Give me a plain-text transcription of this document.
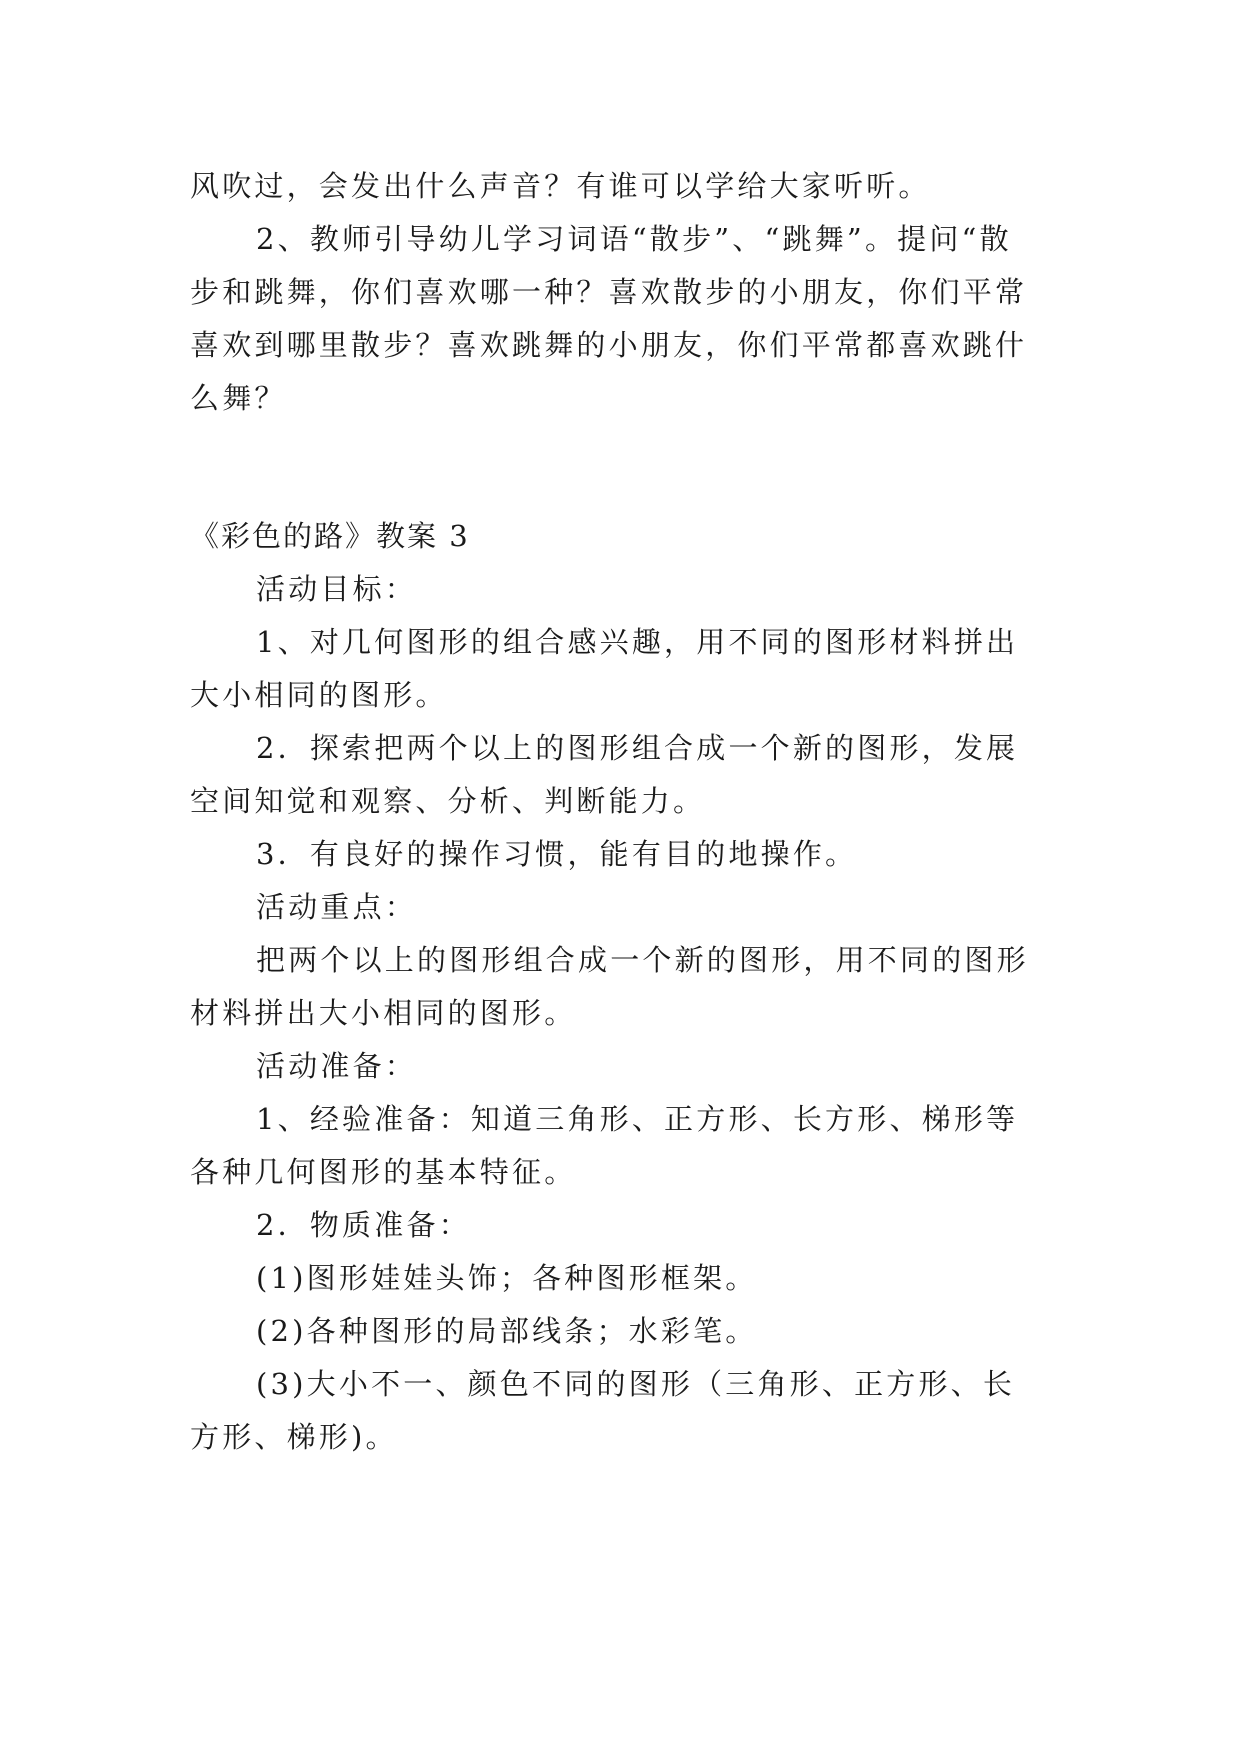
风吹过，会发出什么声音？有谁可以学给大家听听。
2、教师引导幼儿学习词语“散步”、“跳舞”。提问“散
步和跳舞，你们喜欢哪一种？喜欢散步的小朋友，你们平常
喜欢到哪里散步？喜欢跳舞的小朋友，你们平常都喜欢跳什
么舞？
《彩色的路》教案 3
活动目标：
1、对几何图形的组合感兴趣，用不同的图形材料拼出
大小相同的图形。
2．探索把两个以上的图形组合成一个新的图形，发展
空间知觉和观察、分析、判断能力。
3．有良好的操作习惯，能有目的地操作。
活动重点：
把两个以上的图形组合成一个新的图形，用不同的图形
材料拼出大小相同的图形。
活动准备：
1、经验准备：知道三角形、正方形、长方形、梯形等
各种几何图形的基本特征。
2．物质准备：
(1)图形娃娃头饰；各种图形框架。
(2)各种图形的局部线条；水彩笔。
(3)大小不一、颜色不同的图形（三角形、正方形、长
方形、梯形)。
